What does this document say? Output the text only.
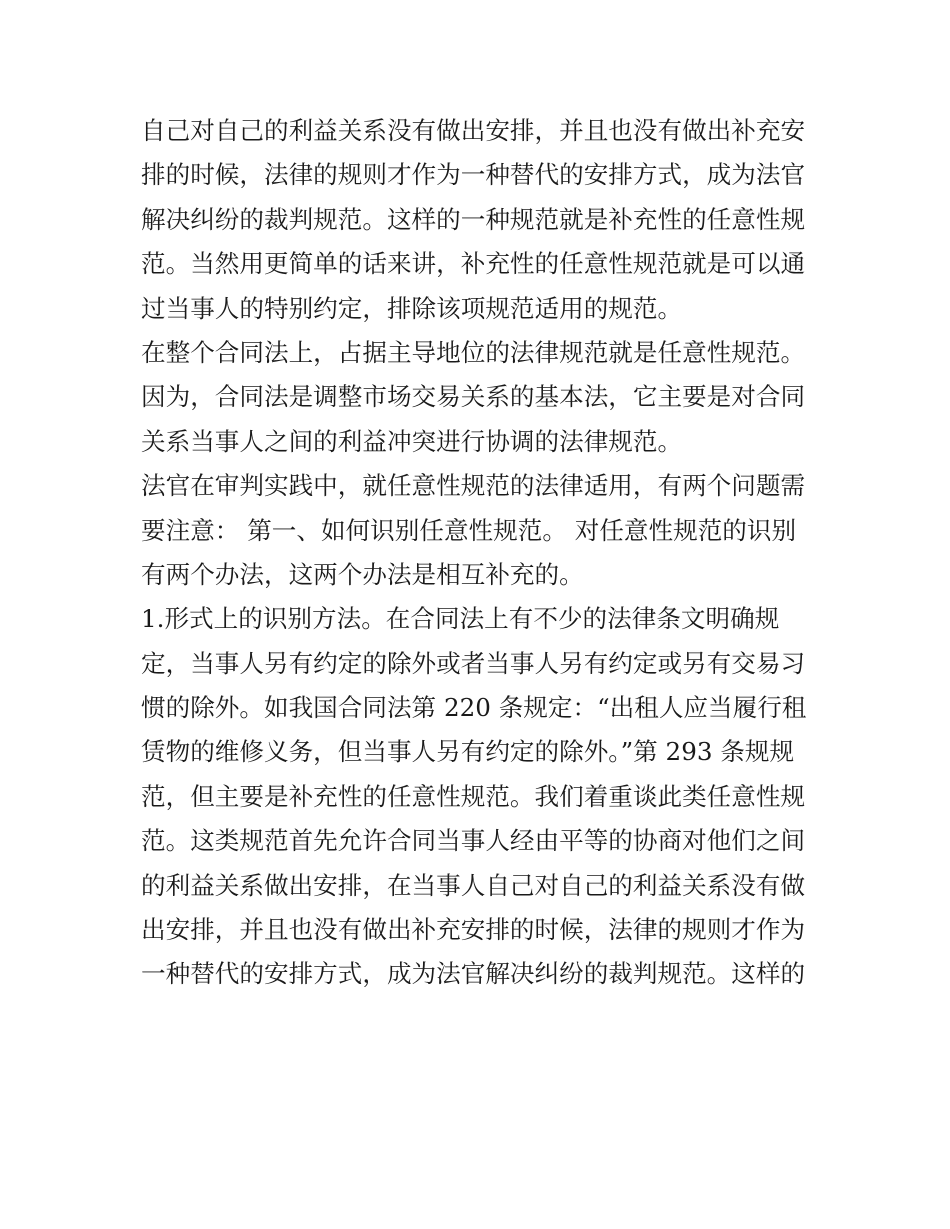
自己对自己的利益关系没有做出安排，并且也没有做出补充安
排的时候，法律的规则才作为一种替代的安排方式，成为法官
解决纠纷的裁判规范。这样的一种规范就是补充性的任意性规
范。当然用更简单的话来讲，补充性的任意性规范就是可以通
过当事人的特别约定，排除该项规范适用的规范。
在整个合同法上，占据主导地位的法律规范就是任意性规范。
因为，合同法是调整市场交易关系的基本法，它主要是对合同
关系当事人之间的利益冲突进行协调的法律规范。
法官在审判实践中，就任意性规范的法律适用，有两个问题需
要注意： 第一、如何识别任意性规范。 对任意性规范的识别
有两个办法，这两个办法是相互补充的。
1.形式上的识别方法。在合同法上有不少的法律条文明确规
定，当事人另有约定的除外或者当事人另有约定或另有交易习
惯的除外。如我国合同法第 220 条规定：“出租人应当履行租
赁物的维修义务，但当事人另有约定的除外。”第 293 条规规
范，但主要是补充性的任意性规范。我们着重谈此类任意性规
范。这类规范首先允许合同当事人经由平等的协商对他们之间
的利益关系做出安排，在当事人自己对自己的利益关系没有做
出安排，并且也没有做出补充安排的时候，法律的规则才作为
一种替代的安排方式，成为法官解决纠纷的裁判规范。这样的
